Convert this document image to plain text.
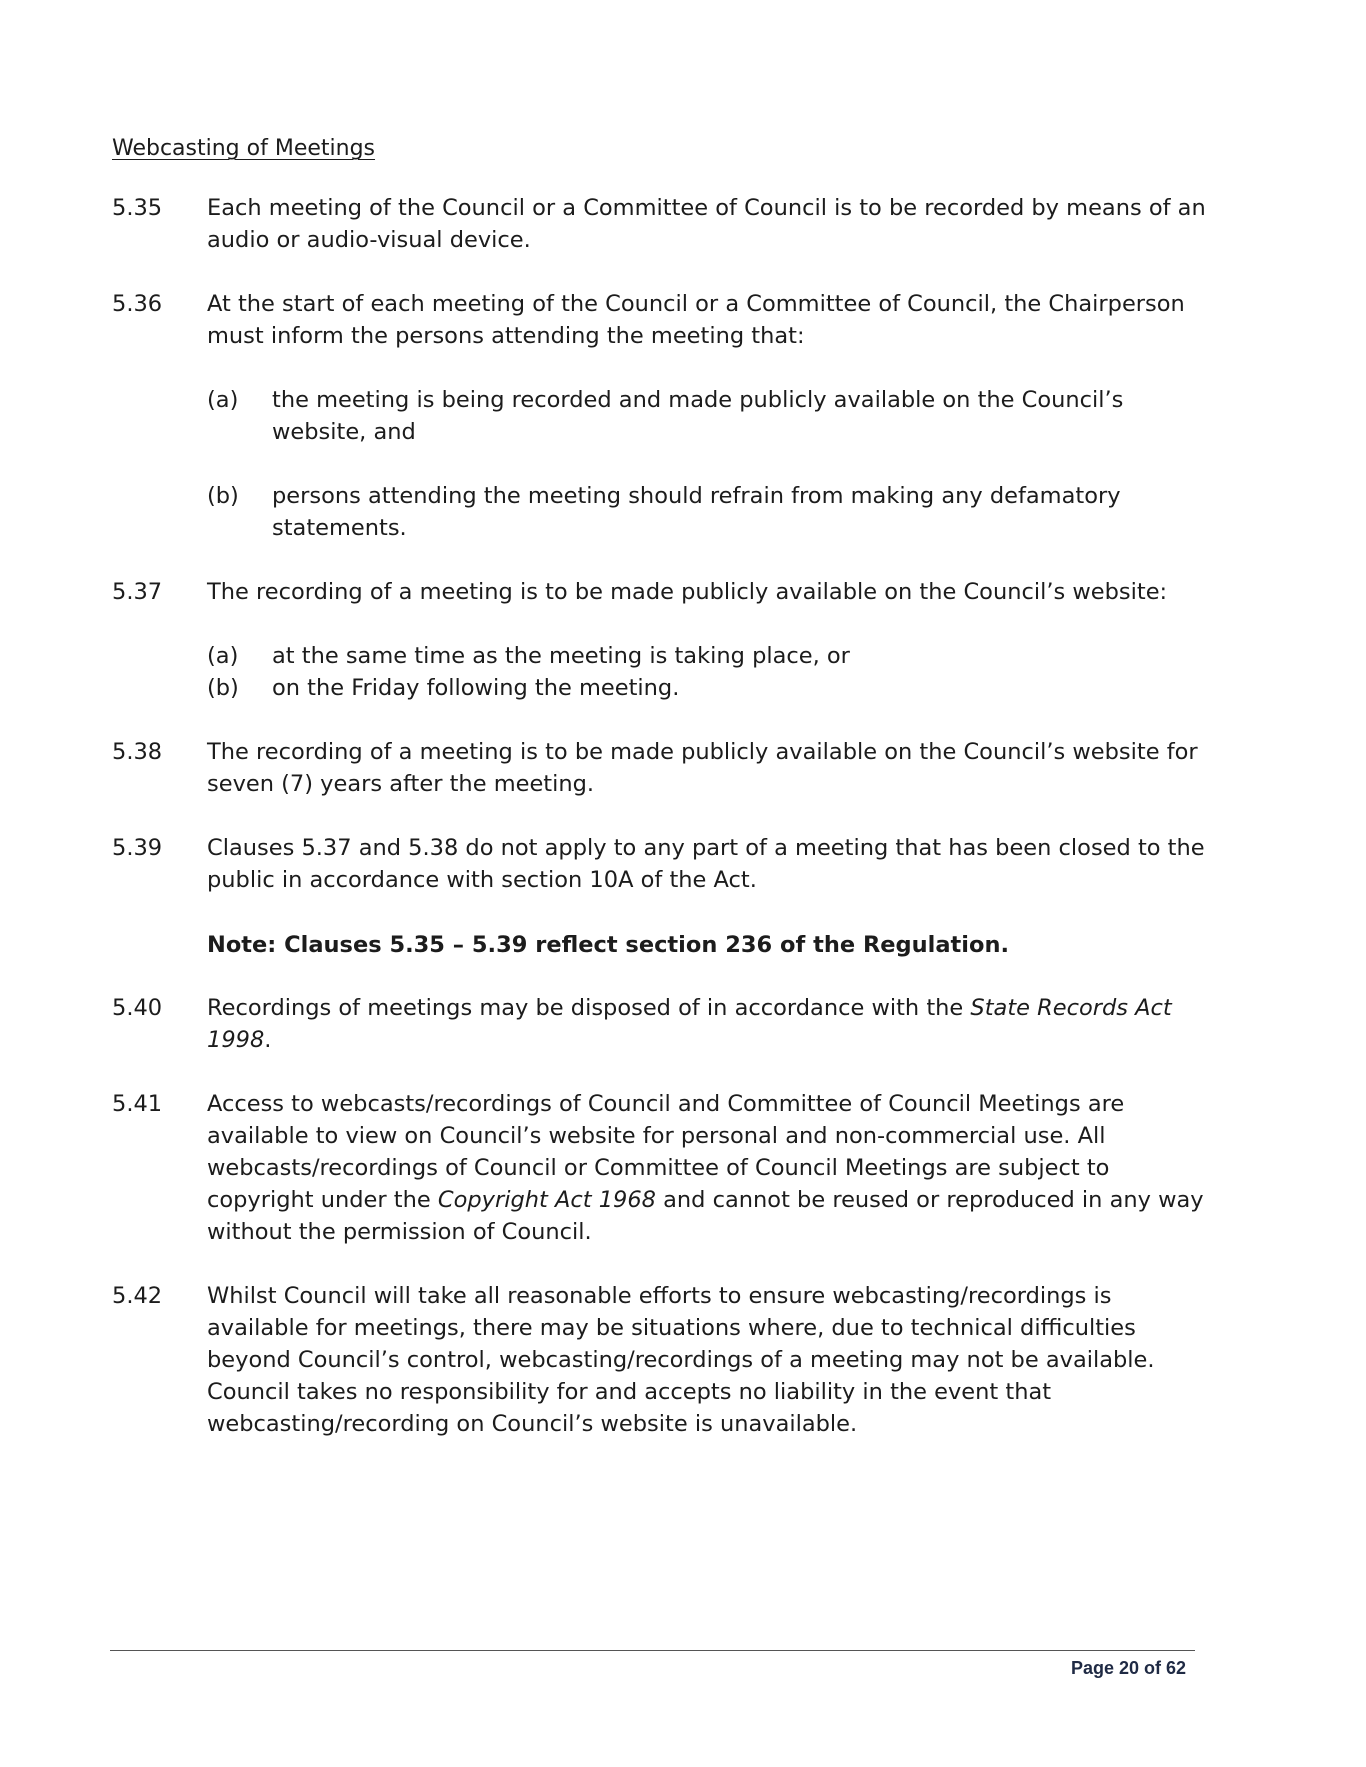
Webcasting of Meetings
5.35	Each meeting of the Council or a Committee of Council is to be recorded by means of an audio or audio-visual device.
5.36	At the start of each meeting of the Council or a Committee of Council, the Chairperson must inform the persons attending the meeting that:
(a)	the meeting is being recorded and made publicly available on the Council’s website, and
(b)	persons attending the meeting should refrain from making any defamatory statements.
5.37	The recording of a meeting is to be made publicly available on the Council’s website:
(a)	at the same time as the meeting is taking place, or
(b)	on the Friday following the meeting.
5.38	The recording of a meeting is to be made publicly available on the Council’s website for seven (7) years after the meeting.
5.39	Clauses 5.37 and 5.38 do not apply to any part of a meeting that has been closed to the public in accordance with section 10A of the Act.
Note: Clauses 5.35 – 5.39 reflect section 236 of the Regulation.
5.40	Recordings of meetings may be disposed of in accordance with the State Records Act 1998.
5.41	Access to webcasts/recordings of Council and Committee of Council Meetings are available to view on Council’s website for personal and non-commercial use. All webcasts/recordings of Council or Committee of Council Meetings are subject to copyright under the Copyright Act 1968 and cannot be reused or reproduced in any way without the permission of Council.
5.42	Whilst Council will take all reasonable efforts to ensure webcasting/recordings is available for meetings, there may be situations where, due to technical difficulties beyond Council’s control, webcasting/recordings of a meeting may not be available. Council takes no responsibility for and accepts no liability in the event that webcasting/recording on Council’s website is unavailable.
Page 20 of 62
